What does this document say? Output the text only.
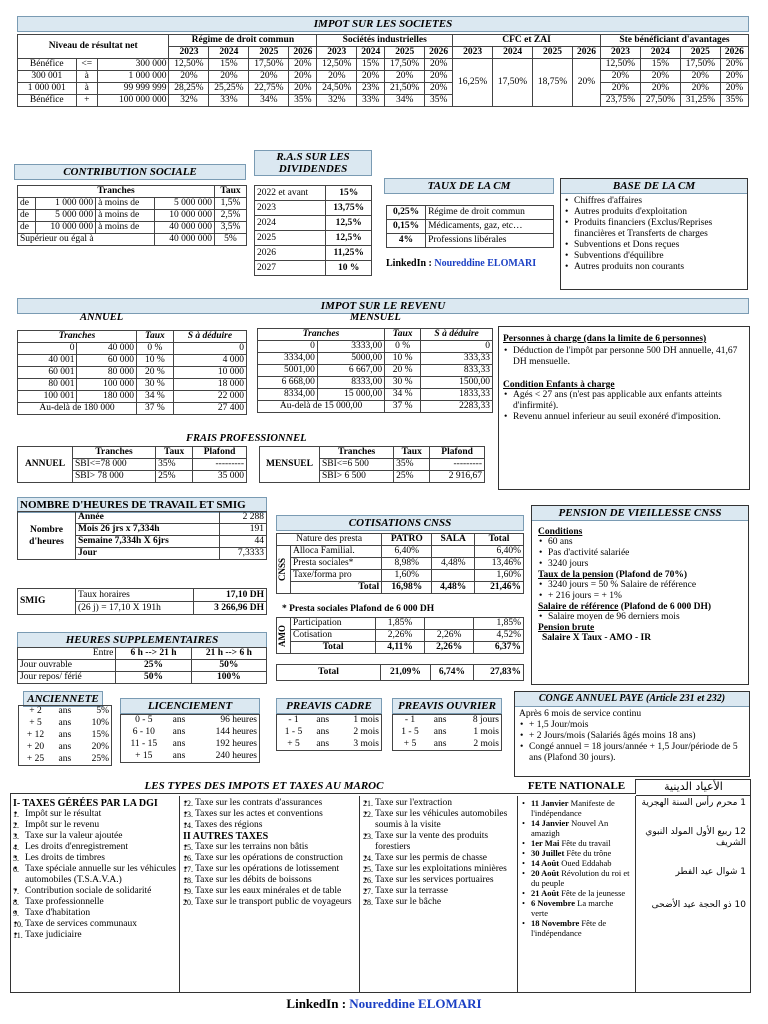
IMPOT SUR LES SOCIETES
Niveau de résultat net			Régime de droit commun				Sociétés industrielles				CFC et ZAI				Ste bénéficiant d'avantages			
			2023	2024	2025	2026	2023	2024	2025	2026	2023	2024	2025	2026	2023	2024	2025	2026
Bénéfice	<=	300 000	12,50%	15%	17,50%	20%	12,50%	15%	17,50%	20%	16,25%	17,50%	18,75%	20%	12,50%	15%	17,50%	20%
300 001	à	1 000 000	20%	20%	20%	20%	20%	20%	20%	20%					20%	20%	20%	20%
1 000 001	à	99 999 999	28,25%	25,25%	22,75%	20%	24,50%	23%	21,50%	20%					20%	20%	20%	20%
Bénéfice	+	100 000 000	32%	33%	34%	35%	32%	33%	34%	35%					23,75%	27,50%	31,25%	35%
CONTRIBUTION SOCIALE
Tranches				Taux
de	1 000 000	à moins de	5 000 000	1,5%
de	5 000 000	à moins de	10 000 000	2,5%
de	10 000 000	à moins de	40 000 000	3,5%
Supérieur ou égal à			40 000 000	5%
R.A.S SUR LES DIVIDENDES
2022 et avant	15%
2023	13,75%
2024	12,5%
2025	12,5%
2026	11,25%
2027	10 %
TAUX DE LA CM
0,25%	Régime de droit commun
0,15%	Médicaments, gaz, etc…
4%	Professions libérales
LinkedIn : Noureddine ELOMARI
BASE DE LA CM
• Chiffres d'affaires
• Autres produits d'exploitation
• Produits financiers (Exclus/Reprises financières et Transferts de charges
• Subventions et Dons reçues
• Subventions d'équilibre
• Autres produits non courants
IMPOT SUR LE REVENU
ANNUEL	MENSUEL
Tranches		Taux	S à déduire
0	40 000	0 %	0
40 001	60 000	10 %	4 000
60 001	80 000	20 %	10 000
80 001	100 000	30 %	18 000
100 001	180 000	34 %	22 000
Au-delà de 180 000		37 %	27 400
Tranches		Taux	S à déduire
0	3333,00	0 %	0
3334,00	5000,00	10 %	333,33
5001,00	6 667,00	20 %	833,33
6 668,00	8333,00	30 %	1500,00
8334,00	15 000,00	34 %	1833,33
Au-delà de 15 000,00		37 %	2283,33
Personnes à charge (dans la limite de 6 personnes)
• Déduction de l'impôt par personne 500 DH annuelle, 41,67 DH mensuelle.
Condition Enfants à charge
• Agés < 27 ans (n'est pas applicable aux enfants atteints d'infirmité).
• Revenu annuel inferieur au seuil exonéré d'imposition.
FRAIS PROFESSIONNEL
ANNUEL	Tranches	Taux	Plafond
	SBI<=78 000	35%	---------
	SBI> 78 000	25%	35 000
MENSUEL	Tranches	Taux	Plafond
	SBI<=6 500	35%	---------
	SBI> 6 500	25%	2 916,67
NOMBRE D'HEURES DE TRAVAIL ET SMIG
Nombre d'heures	Année	2 288
	Mois 26 jrs x 7,334h	191
	Semaine 7,334h X 6jrs	44
	Jour	7,3333
SMIG	Taux horaires	17,10 DH
	(26 j) = 17,10 X 191h	3 266,96 DH
HEURES SUPPLEMENTAIRES
Entre	6 h --> 21 h	21 h --> 6 h
Jour ouvrable	25%	50%
Jour repos/ férié	50%	100%
COTISATIONS CNSS
Nature des presta		PATRO	SALA	Total

CNSS	Alloca Familial.	6,40%		6,40%
	Presta sociales*	8,98%	4,48%	13,46%
	Taxe/forma pro	1,60%		1,60%
	Total	16,98%	4,48%	21,46%
* Presta sociales Plafond de 6 000 DH
AMO	Participation	1,85%		1,85%
	Cotisation	2,26%	2,26%	4,52%
	Total	4,11%	2,26%	6,37%
Total	21,09%	6,74%	27,83%
PENSION DE VIEILLESSE CNSS
Conditions
• 60 ans
• Pas d'activité salariée
• 3240 jours
Taux de la pension (Plafond de 70%)
• 3240 jours = 50 % Salaire de référence
• + 216 jours = + 1%
Salaire de référence (Plafond de 6 000 DH)
• Salaire moyen de 96 derniers mois
Pension brute
Salaire X Taux - AMO - IR
ANCIENNETE
+ 2	ans	5%
+ 5	ans	10%
+ 12	ans	15%
+ 20	ans	20%
+ 25	ans	25%
LICENCIEMENT
0 - 5	ans	96 heures
6 - 10	ans	144 heures
11 - 15	ans	192 heures
+ 15	ans	240 heures
PREAVIS CADRE
- 1	ans	1 mois
1 - 5	ans	2 mois
+ 5	ans	3 mois
PREAVIS OUVRIER
- 1	ans	8 jours
1 - 5	ans	1 mois
+ 5	ans	2 mois
CONGE ANNUEL PAYE (Article 231 et 232)
Après 6 mois de service continu
• + 1,5 Jour/mois
• + 2 Jours/mois (Salariés âgés moins 18 ans)
• Congé annuel = 18 jours/année + 1,5 Jour/période de 5 ans (Plafond 30 jours).
LES TYPES DES IMPOTS ET TAXES AU MAROC
I- TAXES GÉRÉES PAR LA DGI
• 1. Impôt sur le résultat
• 2. Impôt sur le revenu
• 3. Taxe sur la valeur ajoutée
• 4. Les droits d'enregistrement
• 5. Les droits de timbres
• 6. Taxe spéciale annuelle sur les véhicules automobiles (T.S.A.V.A.)
• 7. Contribution sociale de solidarité
• 8. Taxe professionnelle
• 9. Taxe d'habitation
• 10. Taxe de services communaux
• 11. Taxe judiciaire
• 12. Taxe sur les contrats d'assurances
• 13. Taxes sur les actes et conventions
• 14. Taxes des régions
II AUTRES TAXES
• 15. Taxe sur les terrains non bâtis
• 16. Taxe sur les opérations de construction
• 17. Taxe sur les opérations de lotissement
• 18. Taxe sur les débits de boissons
• 19. Taxe sur les eaux minérales et de table
• 20. Taxe sur le transport public de voyageurs
• 21. Taxe sur l'extraction
• 22. Taxe sur les véhicules automobiles soumis à la visite
• 23. Taxe sur la vente des produits forestiers
• 24. Taxe sur les permis de chasse
• 25. Taxe sur les exploitations minières
• 26. Taxe sur les services portuaires
• 27. Taxe sur la terrasse
• 28. Taxe sur le bâche
FETE NATIONALE
• 11 Janvier Manifeste de l'indépendance
• 14 Janvier Nouvel An amazigh
• 1er Mai Fête du travail
• 30 Juillet Fête du trône
• 14 Août Oued Eddahab
• 20 Août Révolution du roi et du peuple
• 21 Août Fête de la jeunesse
• 6 Novembre La marche verte
• 18 Novembre Fête de l'indépendance
الأعياد الدينية
1 محرم رأس السنة الهجرية
12 ربيع الأول المولد النبوي الشريف
1 شوال عيد الفطر
10 ذو الحجة عيد الأضحى
LinkedIn : Noureddine ELOMARI
